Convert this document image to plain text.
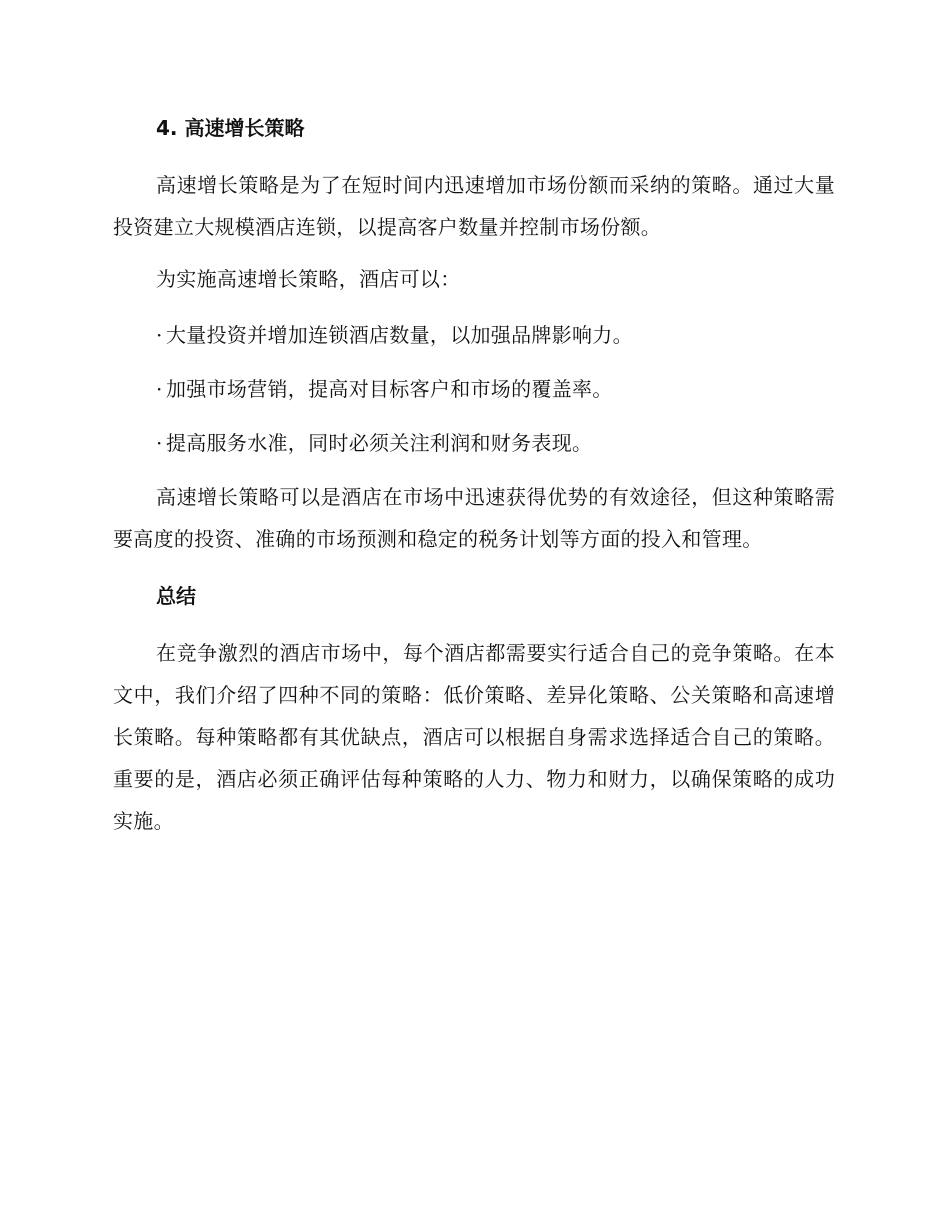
4. 高速增长策略

高速增长策略是为了在短时间内迅速增加市场份额而采纳的策略。通过大量投资建立大规模酒店连锁，以提高客户数量并控制市场份额。

为实施高速增长策略，酒店可以：

· 大量投资并增加连锁酒店数量，以加强品牌影响力。
· 加强市场营销，提高对目标客户和市场的覆盖率。
· 提高服务水准，同时必须关注利润和财务表现。

高速增长策略可以是酒店在市场中迅速获得优势的有效途径，但这种策略需要高度的投资、准确的市场预测和稳定的税务计划等方面的投入和管理。

总结

在竞争激烈的酒店市场中，每个酒店都需要实行适合自己的竞争策略。在本文中，我们介绍了四种不同的策略：低价策略、差异化策略、公关策略和高速增长策略。每种策略都有其优缺点，酒店可以根据自身需求选择适合自己的策略。重要的是，酒店必须正确评估每种策略的人力、物力和财力，以确保策略的成功实施。
